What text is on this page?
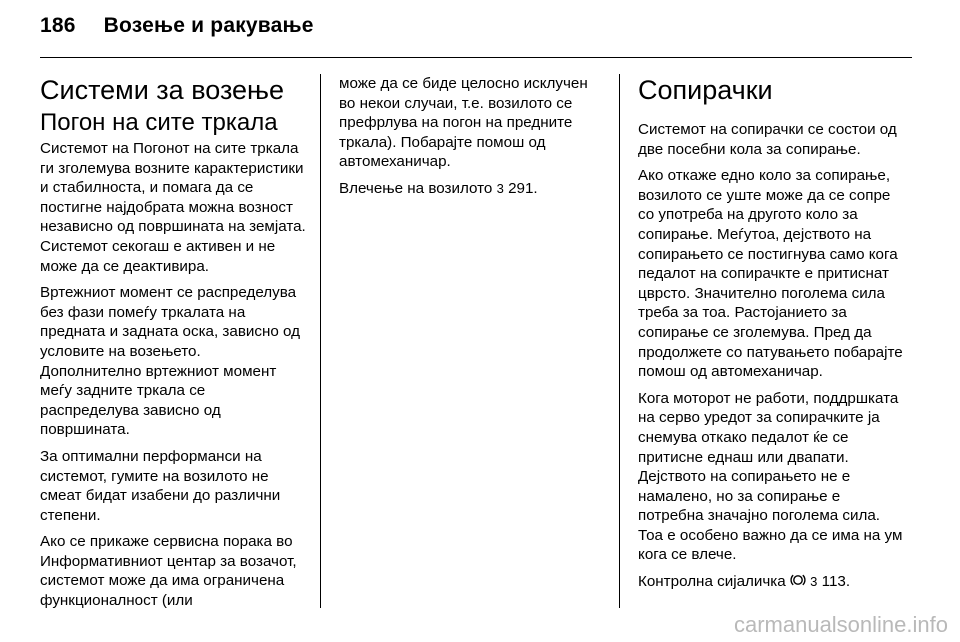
186 Возење и ракување
Системи за возење
Погон на сите тркала

Системот на Погонот на сите тркала ги зголемува возните карактеристики и стабилноста, и помага да се постигне најдобрата можна возност независно од површината на земјата. Системот секогаш е активен и не може да се деактивира.

Вртежниот момент се распределува без фази помеѓу тркалата на предната и задната оска, зависно од условите на возењето. Дополнително вртежниот момент меѓу задните тркала се распределува зависно од површината.

За оптимални перформанси на системот, гумите на возилото не смеат бидат изабени до различни степени.

Ако се прикаже сервисна порака во Информативниот центар за возачот, системот може да има ограничена функционалност (или

може да се биде целосно исклучен во некои случаи, т.е. возилото се префрлува на погон на предните тркала). Побарајте помош од автомеханичар.

Влечење на возилото 3 291.

Сопирачки

Системот на сопирачки се состои од две посебни кола за сопирање.

Ако откаже едно коло за сопирање, возилото се уште може да се сопре со употреба на другото коло за сопирање. Меѓутоа, дејството на сопирањето се постигнува само кога педалот на сопирачкте е притиснат цврсто. Значително поголема сила треба за тоа. Растојанието за сопирање се зголемува. Пред да продолжете со патувањето побарајте помош од автомеханичар.

Кога моторот не работи, поддршката на серво уредот за сопирачките ја снемува откако педалот ќе се притисне еднаш или двапати. Дејството на сопирањето не е намалено, но за сопирање е потребна значајно поголема сила. Тоа е особено важно да се има на ум кога се влече.

Контролна сијаличка 3 113.

carmanualsonline.info
